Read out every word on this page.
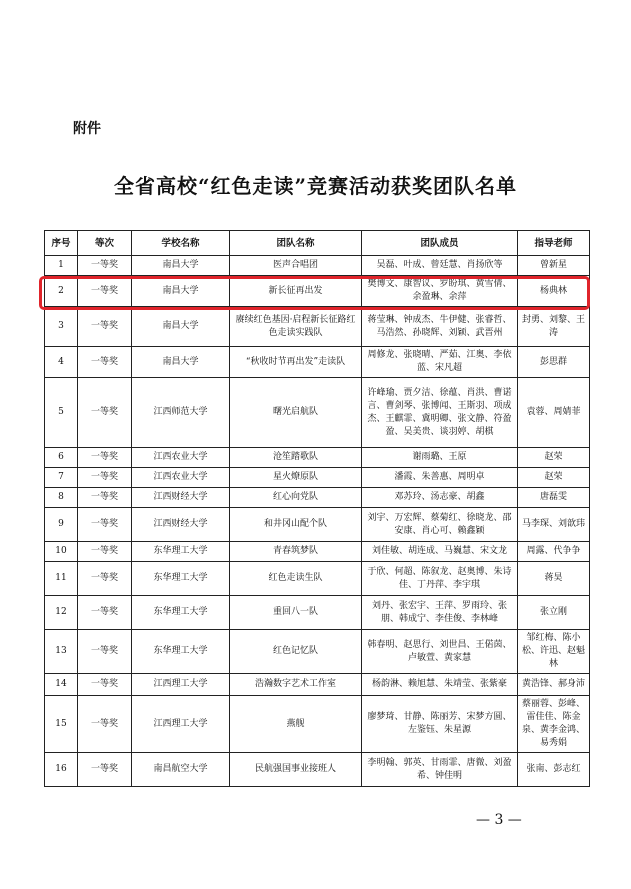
附件
全省高校“红色走读”竞赛活动获奖团队名单
序号	等次	学校名称	团队名称	团队成员	指导老师
1	一等奖	南昌大学	医声合唱团	吴磊、叶成、曾廷慧、肖扬欣等	曾新星
2	一等奖	南昌大学	新长征再出发	樊博文、康智议、罗盼琪、黄雪倩、余盈琳、余萍	杨典林
3	一等奖	南昌大学	赓续红色基因·启程新长征路红色走读实践队	蒋莹琳、钟成杰、牛伊健、张睿哲、马浩然、孙晓辉、刘颖、武晋州	封勇、刘黎、王涛
4	一等奖	南昌大学	“秋收时节再出发”走读队	周修龙、张晓晴、严茹、江奥、李依蓝、宋凡超	彭思群
5	一等奖	江西师范大学	曙光启航队	许峰瑜、贾夕洁、徐蕴、肖洪、曹诺言、曹剑琴、张博闻、王斯羽、项成杰、王麒霏、冀明卿、张文静、符盈盈、吴美贵、谈羽婷、胡棋	袁蓉、周婧菲
6	一等奖	江西农业大学	沧笙踏歌队	谢雨璐、王原	赵荣
7	一等奖	江西农业大学	星火燎原队	潘霞、朱善惠、周明卓	赵荣
8	一等奖	江西财经大学	红心向党队	邓苏玲、汤志豪、胡鑫	唐磊雯
9	一等奖	江西财经大学	和井冈山配个队	刘宇、万宏辉、蔡菊红、徐晓龙、邵安康、肖心可、赖鑫颖	马李琛、刘歆玮
10	一等奖	东华理工大学	青春筑梦队	刘佳敏、胡连成、马巍慧、宋文龙	周露、代争争
11	一等奖	东华理工大学	红色走读生队	于欣、何超、陈叙龙、赵奥博、朱诗佳、丁丹萍、李宇琪	蒋昊
12	一等奖	东华理工大学	重回八一队	刘丹、张宏宇、王萍、罗雨玲、张朋、韩成宁、李佳俊、李林峰	张立刚
13	一等奖	东华理工大学	红色记忆队	韩春明、赵思行、刘世昌、王偌茵、卢敏萱、黄家慧	邹红梅、陈小松、许迅、赵魁林
14	一等奖	江西理工大学	浩瀚数字艺术工作室	杨韵淋、赖旭慧、朱靖莹、张紫豪	黄浩锋、郝身沛
15	一等奖	江西理工大学	燕舰	廖梦琦、甘静、陈丽芳、宋梦方圆、左鉴钰、朱星源	蔡丽蓉、彭峰、雷佳佳、陈金泉、黄李金鸿、易秀娟
16	一等奖	南昌航空大学	民航强国事业接班人	李明翰、郭英、甘雨霏、唐微、刘盈希、钟佳明	张南、彭志红
— 3 —
